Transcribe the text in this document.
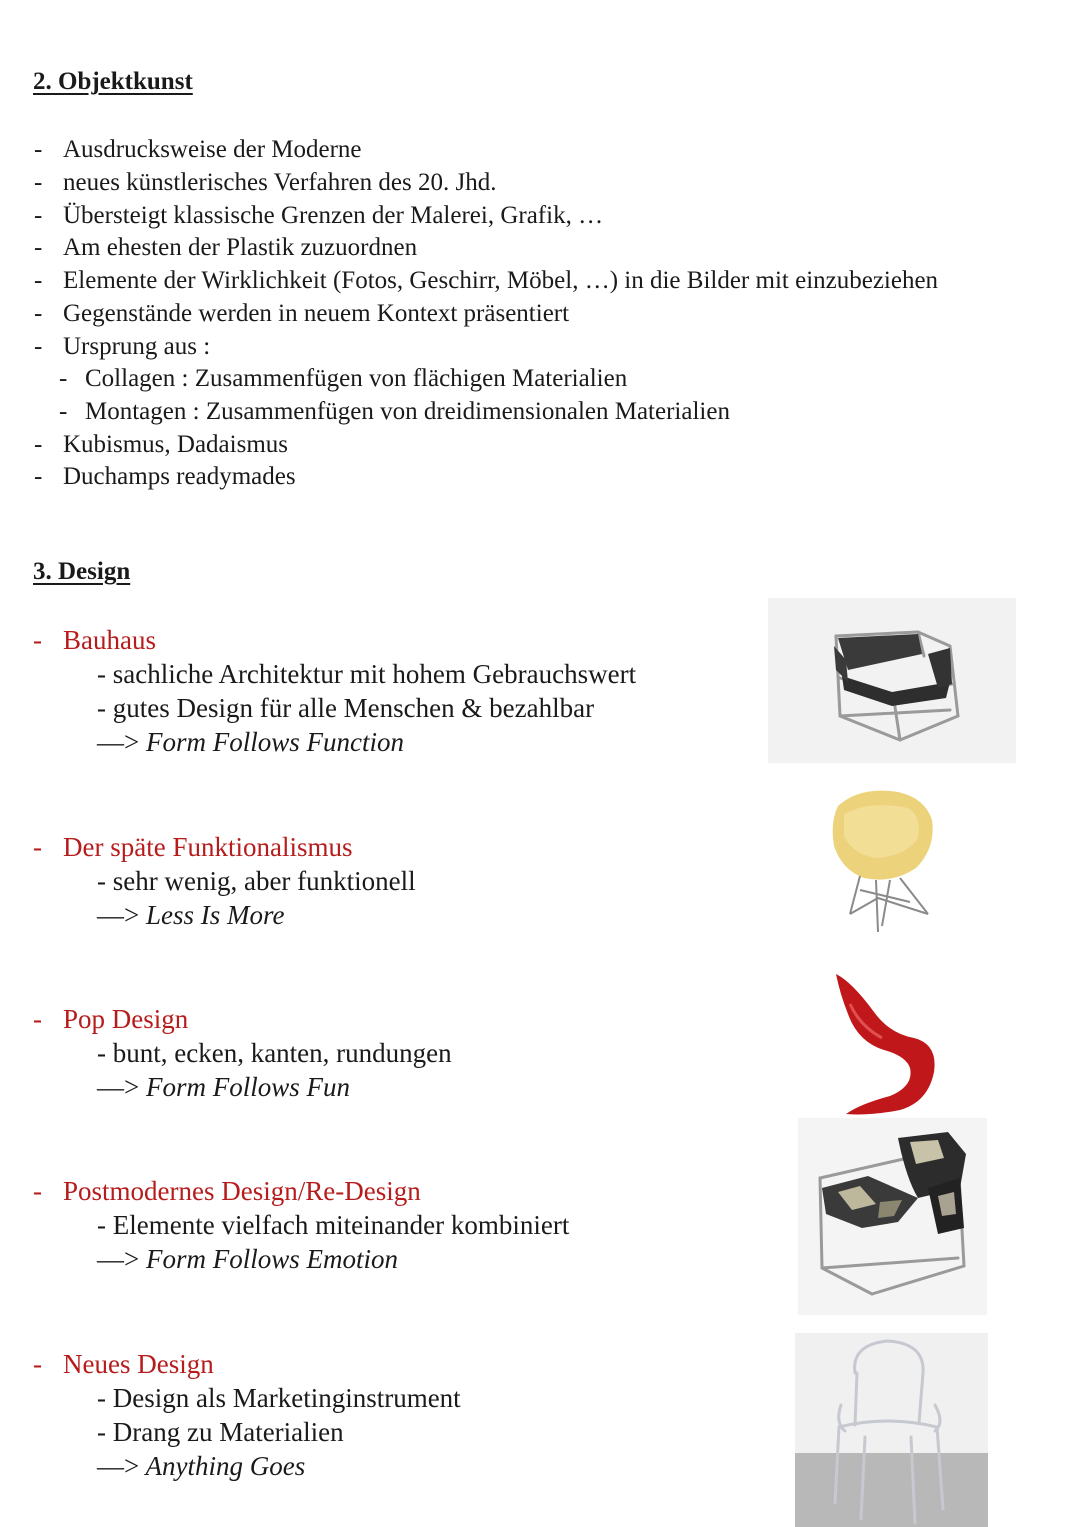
2. Objektkunst
- Ausdrucksweise der Moderne
- neues künstlerisches Verfahren des 20. Jhd.
- Übersteigt klassische Grenzen der Malerei, Grafik, …
- Am ehesten der Plastik zuzuordnen
- Elemente der Wirklichkeit (Fotos, Geschirr, Möbel, …) in die Bilder mit einzubeziehen
- Gegenstände werden in neuem Kontext präsentiert
- Ursprung aus :
- Collagen : Zusammenfügen von flächigen Materialien
- Montagen : Zusammenfügen von dreidimensionalen Materialien
- Kubismus, Dadaismus
- Duchamps readymades
3. Design
- Bauhaus
- sachliche Architektur mit hohem Gebrauchswert
- gutes Design für alle Menschen & bezahlbar
—> Form Follows Function
- Der späte Funktionalismus
- sehr wenig, aber funktionell
—> Less Is More
- Pop Design
- bunt, ecken, kanten, rundungen
—> Form Follows Fun
- Postmodernes Design/Re-Design
- Elemente vielfach miteinander kombiniert
—> Form Follows Emotion
- Neues Design
- Design als Marketinginstrument
- Drang zu Materialien
—> Anything Goes
